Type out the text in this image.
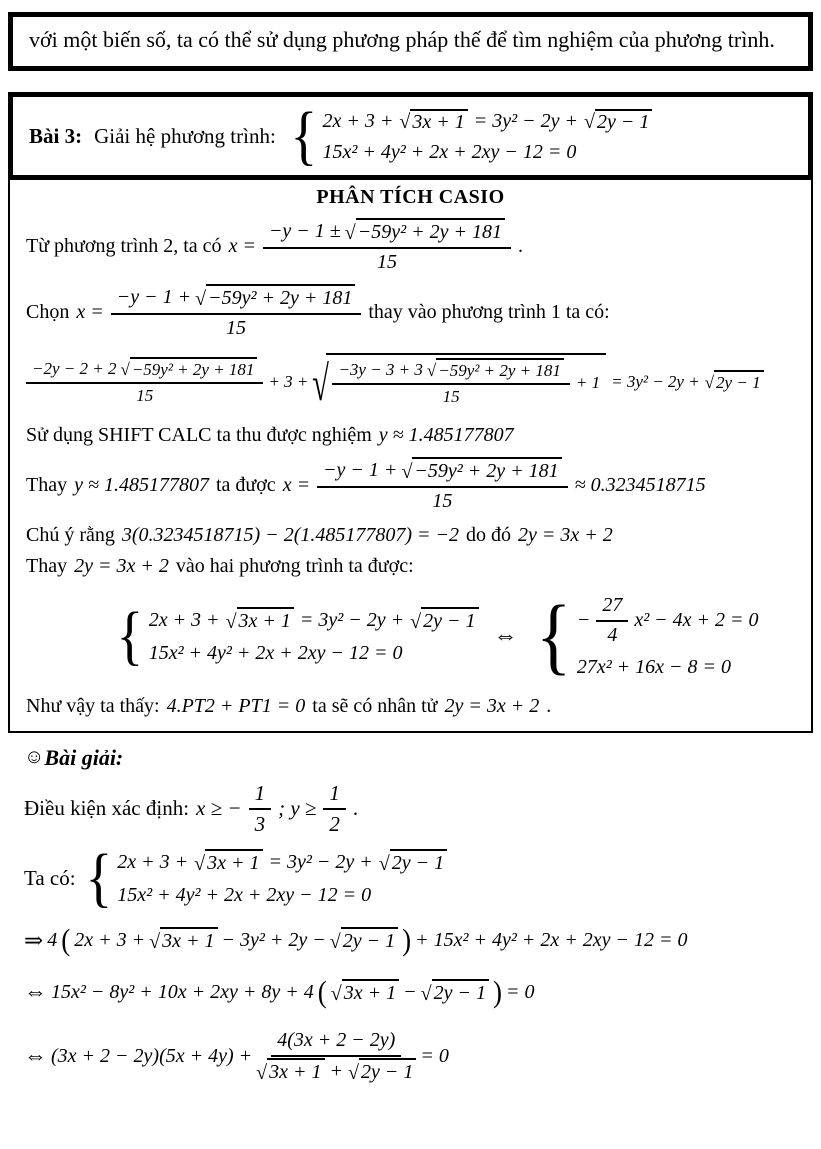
với một biến số, ta có thể sử dụng phương pháp thế để tìm nghiệm của phương trình.

Bài 3: Giải hệ phương trình: { 2x + 3 + √ 3x + 1 = 3y² − 2y + √ 2y − 1
15x² + 4y² + 2x + 2xy − 12 = 0
PHÂN TÍCH CASIO
Từ phương trình 2, ta có $x = \frac{\text{−y − 1 ± √ −59y² + 2y + 181}}{15}$ .
Chọn $x = \frac{\text{−y − 1 + √ −59y² + 2y + 181}}{15}$ thay vào phương trình 1 ta có:
$\frac{\text{−2y − 2 + 2 √ −59y² + 2y + 181}}{15} + 3$ + √ $\frac{\text{−3y − 3 + 3 √ −59y² + 2y + 181}}{15} + 1 = 3y^2 - 2y$ + √ 2y − 1
Sử dụng SHIFT CALC ta thu được nghiệm y ≈ 1.485177807
Thay y ≈ 1.485177807 ta được $x = \frac{\text{−y − 1 + √ −59y² + 2y + 181}}{15} \approx 0.3234518715$
Chú ý rằng 3(0.3234518715) − 2(1.485177807) = −2 do đó 2y = 3x + 2
Thay 2y = 3x + 2 vào hai phương trình ta được:
{ 2x + 3 + √ 3x + 1 = 3y² − 2y + √ 2y − 1
15x² + 4y² + 2x + 2xy − 12 = 0
⇔ { − $\frac{27}{4} x^2 - 4x + 2 = 0$
27x² + 16x − 8 = 0
Như vậy ta thấy: 4.PT2 + PT1 = 0 ta sẽ có nhân tử 2y = 3x + 2 .
☺ Bài giải:
Điều kiện xác định: x ≥ − $\frac{1}{3}$ ; $y \ge \frac{1}{2}$ .
Ta có: { 2x + 3 + √ 3x + 1 = 3y² − 2y + √ 2y − 1
15x² + 4y² + 2x + 2xy − 12 = 0
⇒ 4 ( 2x + 3 + √ 3x + 1 − 3y² + 2y − √ 2y − 1 ) + 15x² + 4y² + 2x + 2xy − 12 = 0
⇔ 15x² − 8y² + 10x + 2xy + 8y + 4 ( √ 3x + 1 − √ 2y − 1 ) = 0
⇔ $(3x + 2 - 2y)(5x + 4y) + \frac{4(3x + 2 - 2y)}{√ 3x + 1 + √ 2y - 1} = 0$
